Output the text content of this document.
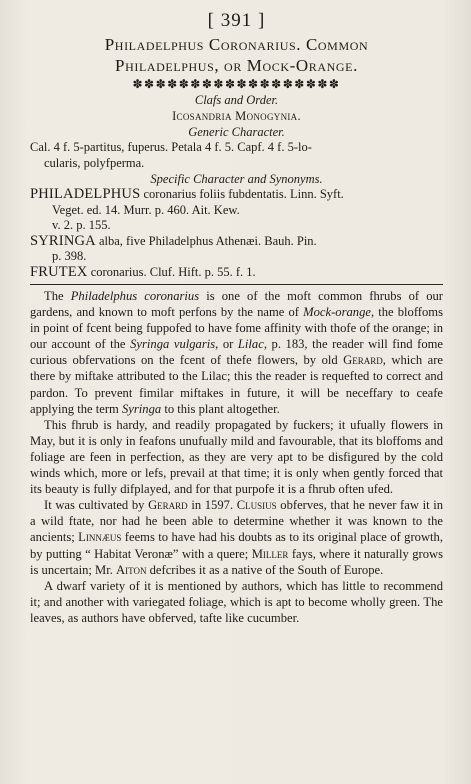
[ 391 ]
Philadelphus Coronarius. Common
Philadelphus, or Mock-Orange.
✽✽✽✽✽✽✽✽✽✽✽✽✽✽✽✽✽✽
Clafs and Order.
Icosandria Monogynia.
Generic Character.
Cal. 4 f. 5-partitus, fuperus. Petala 4 f. 5. Capf. 4 f. 5-lo-
cularis, polyfperma.
Specific Character and Synonyms.
PHILADELPHUS coronarius foliis fubdentatis. Linn. Syft.
Veget. ed. 14. Murr. p. 460. Ait. Kew.
v. 2. p. 155.
SYRINGA alba, five Philadelphus Athenæi. Bauh. Pin.
p. 398.
FRUTEX coronarius. Cluf. Hift. p. 55. f. 1.

The Philadelphus coronarius is one of the moft common fhrubs of our gardens, and known to moft perfons by the name of Mock-orange, the bloffoms in point of fcent being fuppofed to have fome affinity with thofe of the orange; in our account of the Syringa vulgaris, or Lilac, p. 183, the reader will find fome curious obfervations on the fcent of thefe flowers, by old Gerard, which are there by miftake attributed to the Lilac; this the reader is requefted to correct and pardon. To prevent fimilar miftakes in future, it will be neceffary to ceafe applying the term Syringa to this plant altogether.

This fhrub is hardy, and readily propagated by fuckers; it ufually flowers in May, but it is only in feafons unufually mild and favourable, that its bloffoms and foliage are feen in perfection, as they are very apt to be disfigured by the cold winds which, more or lefs, prevail at that time; it is only when gently forced that its beauty is fully difplayed, and for that purpofe it is a fhrub often ufed.

It was cultivated by Gerard in 1597. Clusius obferves, that he never faw it in a wild ftate, nor had he been able to determine whether it was known to the ancients; Linnæus feems to have had his doubts as to its original place of growth, by putting “ Habitat Veronæ” with a quere; Miller fays, where it naturally grows is uncertain; Mr. Aiton defcribes it as a native of the South of Europe.

A dwarf variety of it is mentioned by authors, which has little to recommend it; and another with variegated foliage, which is apt to become wholly green. The leaves, as authors have obferved, tafte like cucumber.
